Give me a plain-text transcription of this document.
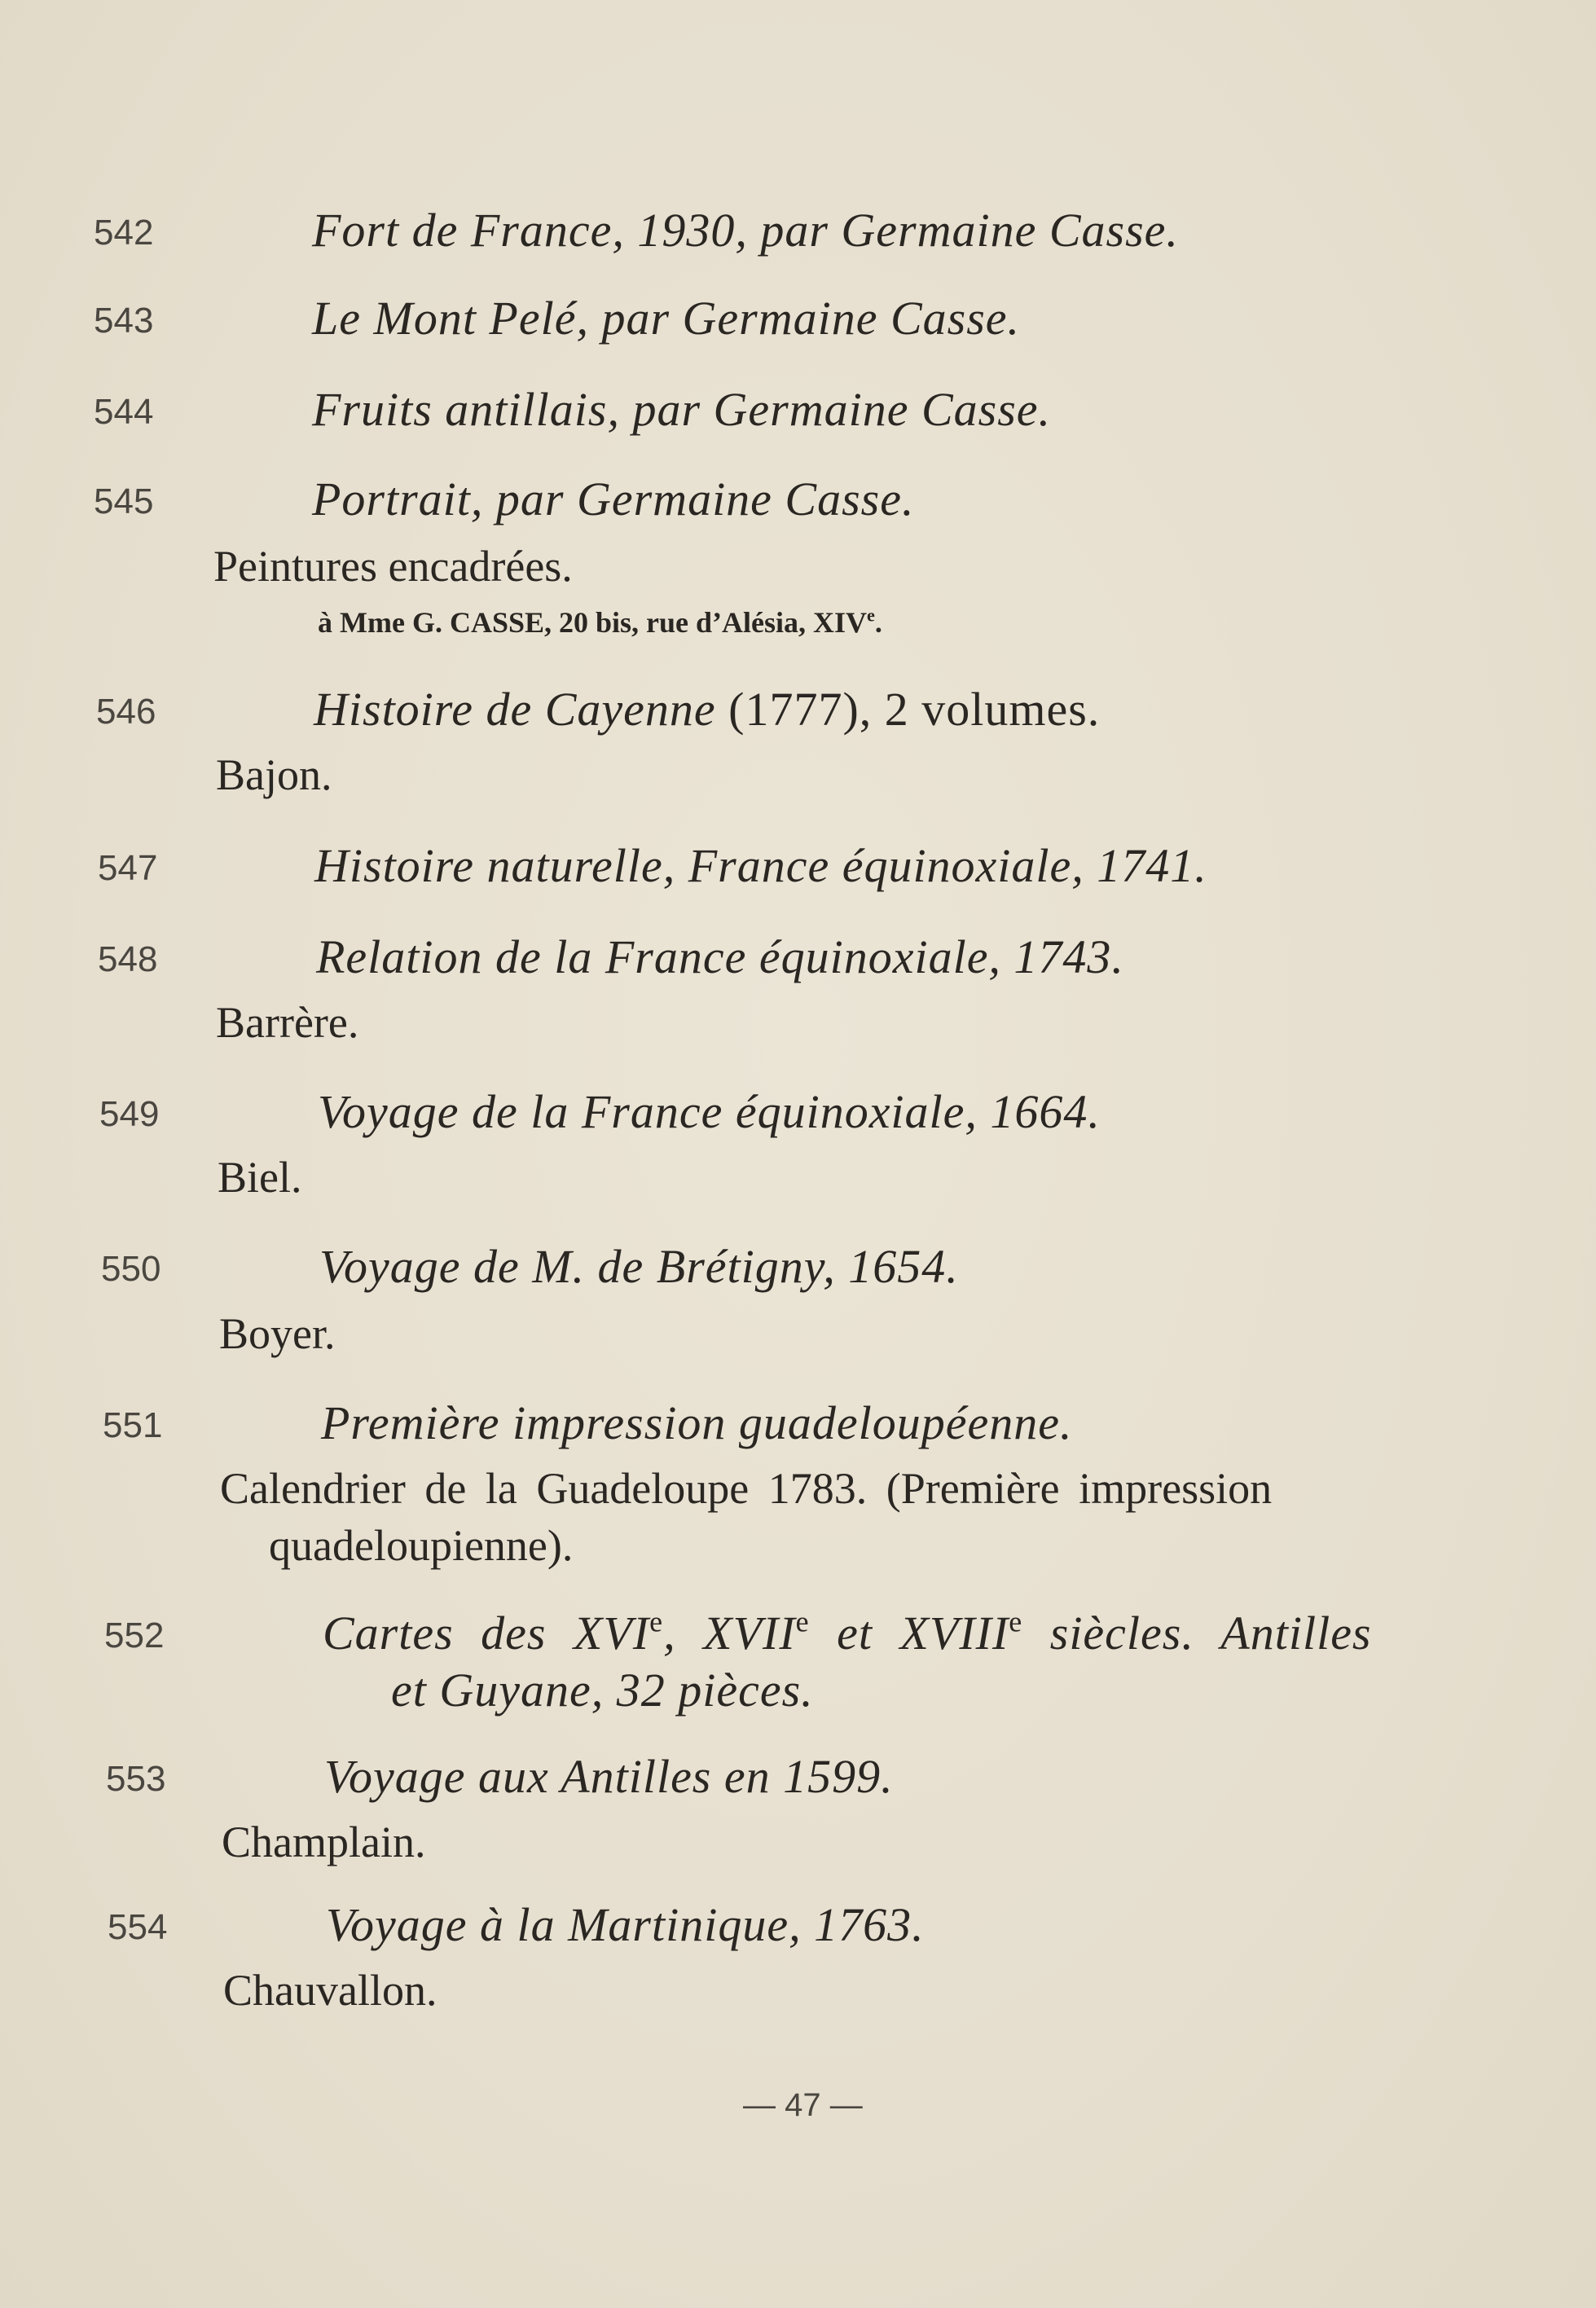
542	Fort de France, 1930, par Germaine Casse.
543	Le Mont Pelé, par Germaine Casse.
544	Fruits antillais, par Germaine Casse.
545	Portrait, par Germaine Casse.
Peintures encadrées.
à Mme G. CASSE, 20 bis, rue d’Alésia, XIVe.
546	Histoire de Cayenne (1777), 2 volumes.
Bajon.
547	Histoire naturelle, France équinoxiale, 1741.
548	Relation de la France équinoxiale, 1743.
Barrère.
549	Voyage de la France équinoxiale, 1664.
Biel.
550	Voyage de M. de Brétigny, 1654.
Boyer.
551	Première impression guadeloupéenne.
Calendrier de la Guadeloupe 1783. (Première impression
quadeloupienne).
552	Cartes des XVIe, XVIIe et XVIIIe siècles. Antilles
et Guyane, 32 pièces.
553	Voyage aux Antilles en 1599.
Champlain.
554	Voyage à la Martinique, 1763.
Chauvallon.
— 47 —
